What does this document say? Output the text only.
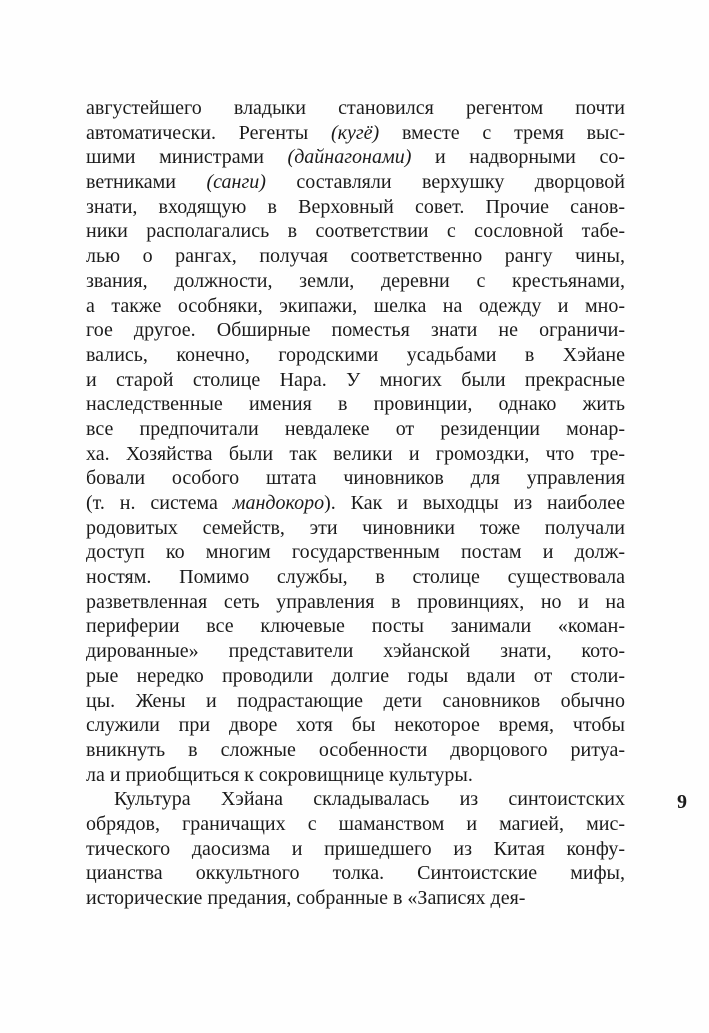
августейшего владыки становился регентом почти
автоматически. Регенты (кугё) вместе с тремя выс-
шими министрами (дайнагонами) и надворными со-
ветниками (санги) составляли верхушку дворцовой
знати, входящую в Верховный совет. Прочие санов-
ники располагались в соответствии с сословной табе-
лью о рангах, получая соответственно рангу чины,
звания, должности, земли, деревни с крестьянами,
а также особняки, экипажи, шелка на одежду и мно-
гое другое. Обширные поместья знати не ограничи-
вались, конечно, городскими усадьбами в Хэйане
и старой столице Нара. У многих были прекрасные
наследственные имения в провинции, однако жить
все предпочитали невдалеке от резиденции монар-
ха. Хозяйства были так велики и громоздки, что тре-
бовали особого штата чиновников для управления
(т. н. система мандокоро). Как и выходцы из наиболее
родовитых семейств, эти чиновники тоже получали
доступ ко многим государственным постам и долж-
ностям. Помимо службы, в столице существовала
разветвленная сеть управления в провинциях, но и на
периферии все ключевые посты занимали «коман-
дированные» представители хэйанской знати, кото-
рые нередко проводили долгие годы вдали от столи-
цы. Жены и подрастающие дети сановников обычно
служили при дворе хотя бы некоторое время, чтобы
вникнуть в сложные особенности дворцового ритуа-
ла и приобщиться к сокровищнице культуры.

Культура Хэйана складывалась из синтоистских
обрядов, граничащих с шаманством и магией, мис-
тического даосизма и пришедшего из Китая конфу-
цианства оккультного толка. Синтоистские мифы,
исторические предания, собранные в «Записях дея-

9
